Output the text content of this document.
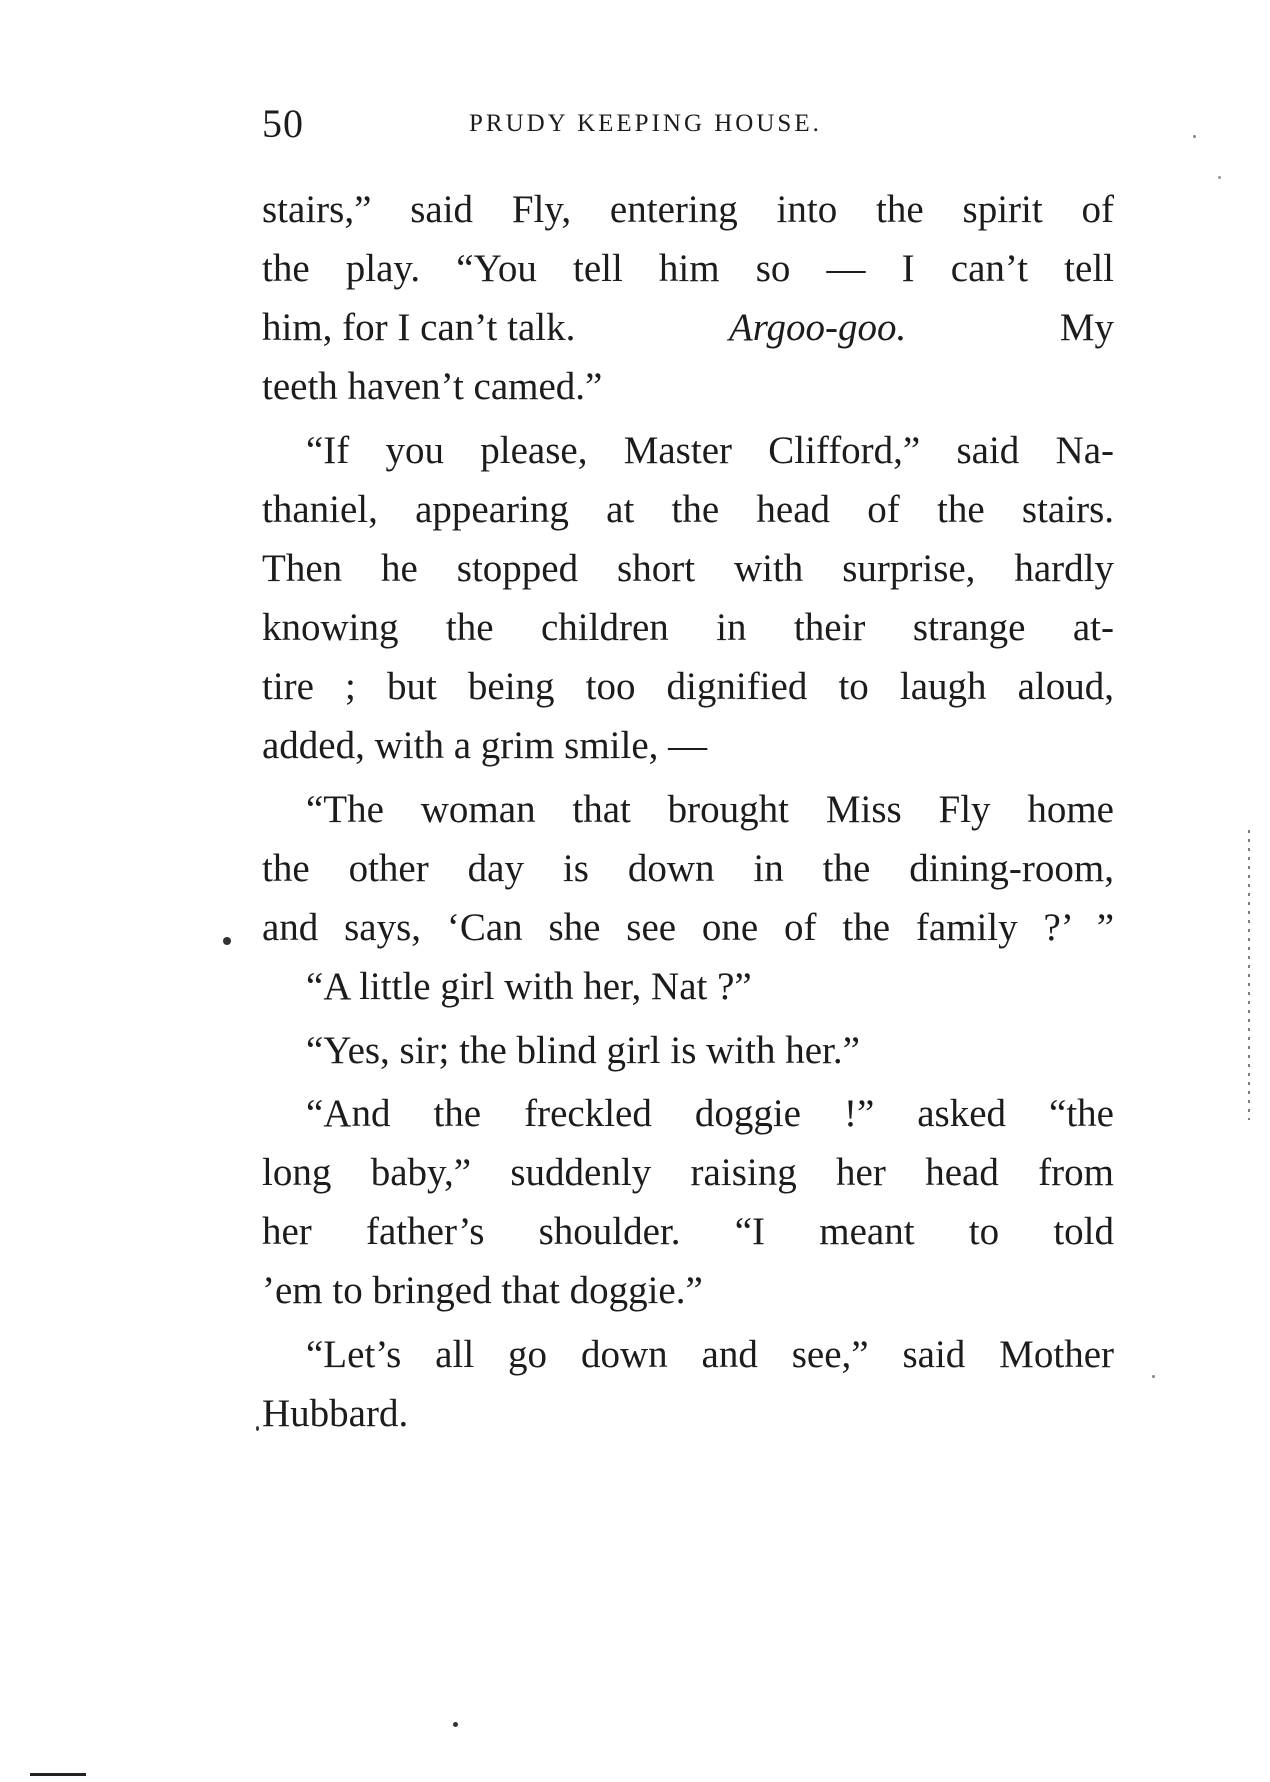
50	PRUDY KEEPING HOUSE.
stairs,” said Fly, entering into the spirit of
the play. “You tell him so — I can’t tell
him, for I can’t talk.	Argoo-goo.	My
teeth haven’t camed.”
“If you please, Master Clifford,” said Na-
thaniel, appearing at the head of the stairs.
Then he stopped short with surprise, hardly
knowing the children in their strange at-
tire ; but being too dignified to laugh aloud,
added, with a grim smile, —
“The woman that brought Miss Fly home
the other day is down in the dining-room,
and says, ‘Can she see one of the family ?’ ”
“A little girl with her, Nat ?”
“Yes, sir; the blind girl is with her.”
“And the freckled doggie !” asked “the
long baby,” suddenly raising her head from
her father’s shoulder. “I meant to told
’em to bringed that doggie.”
“Let’s all go down and see,” said Mother
Hubbard.
